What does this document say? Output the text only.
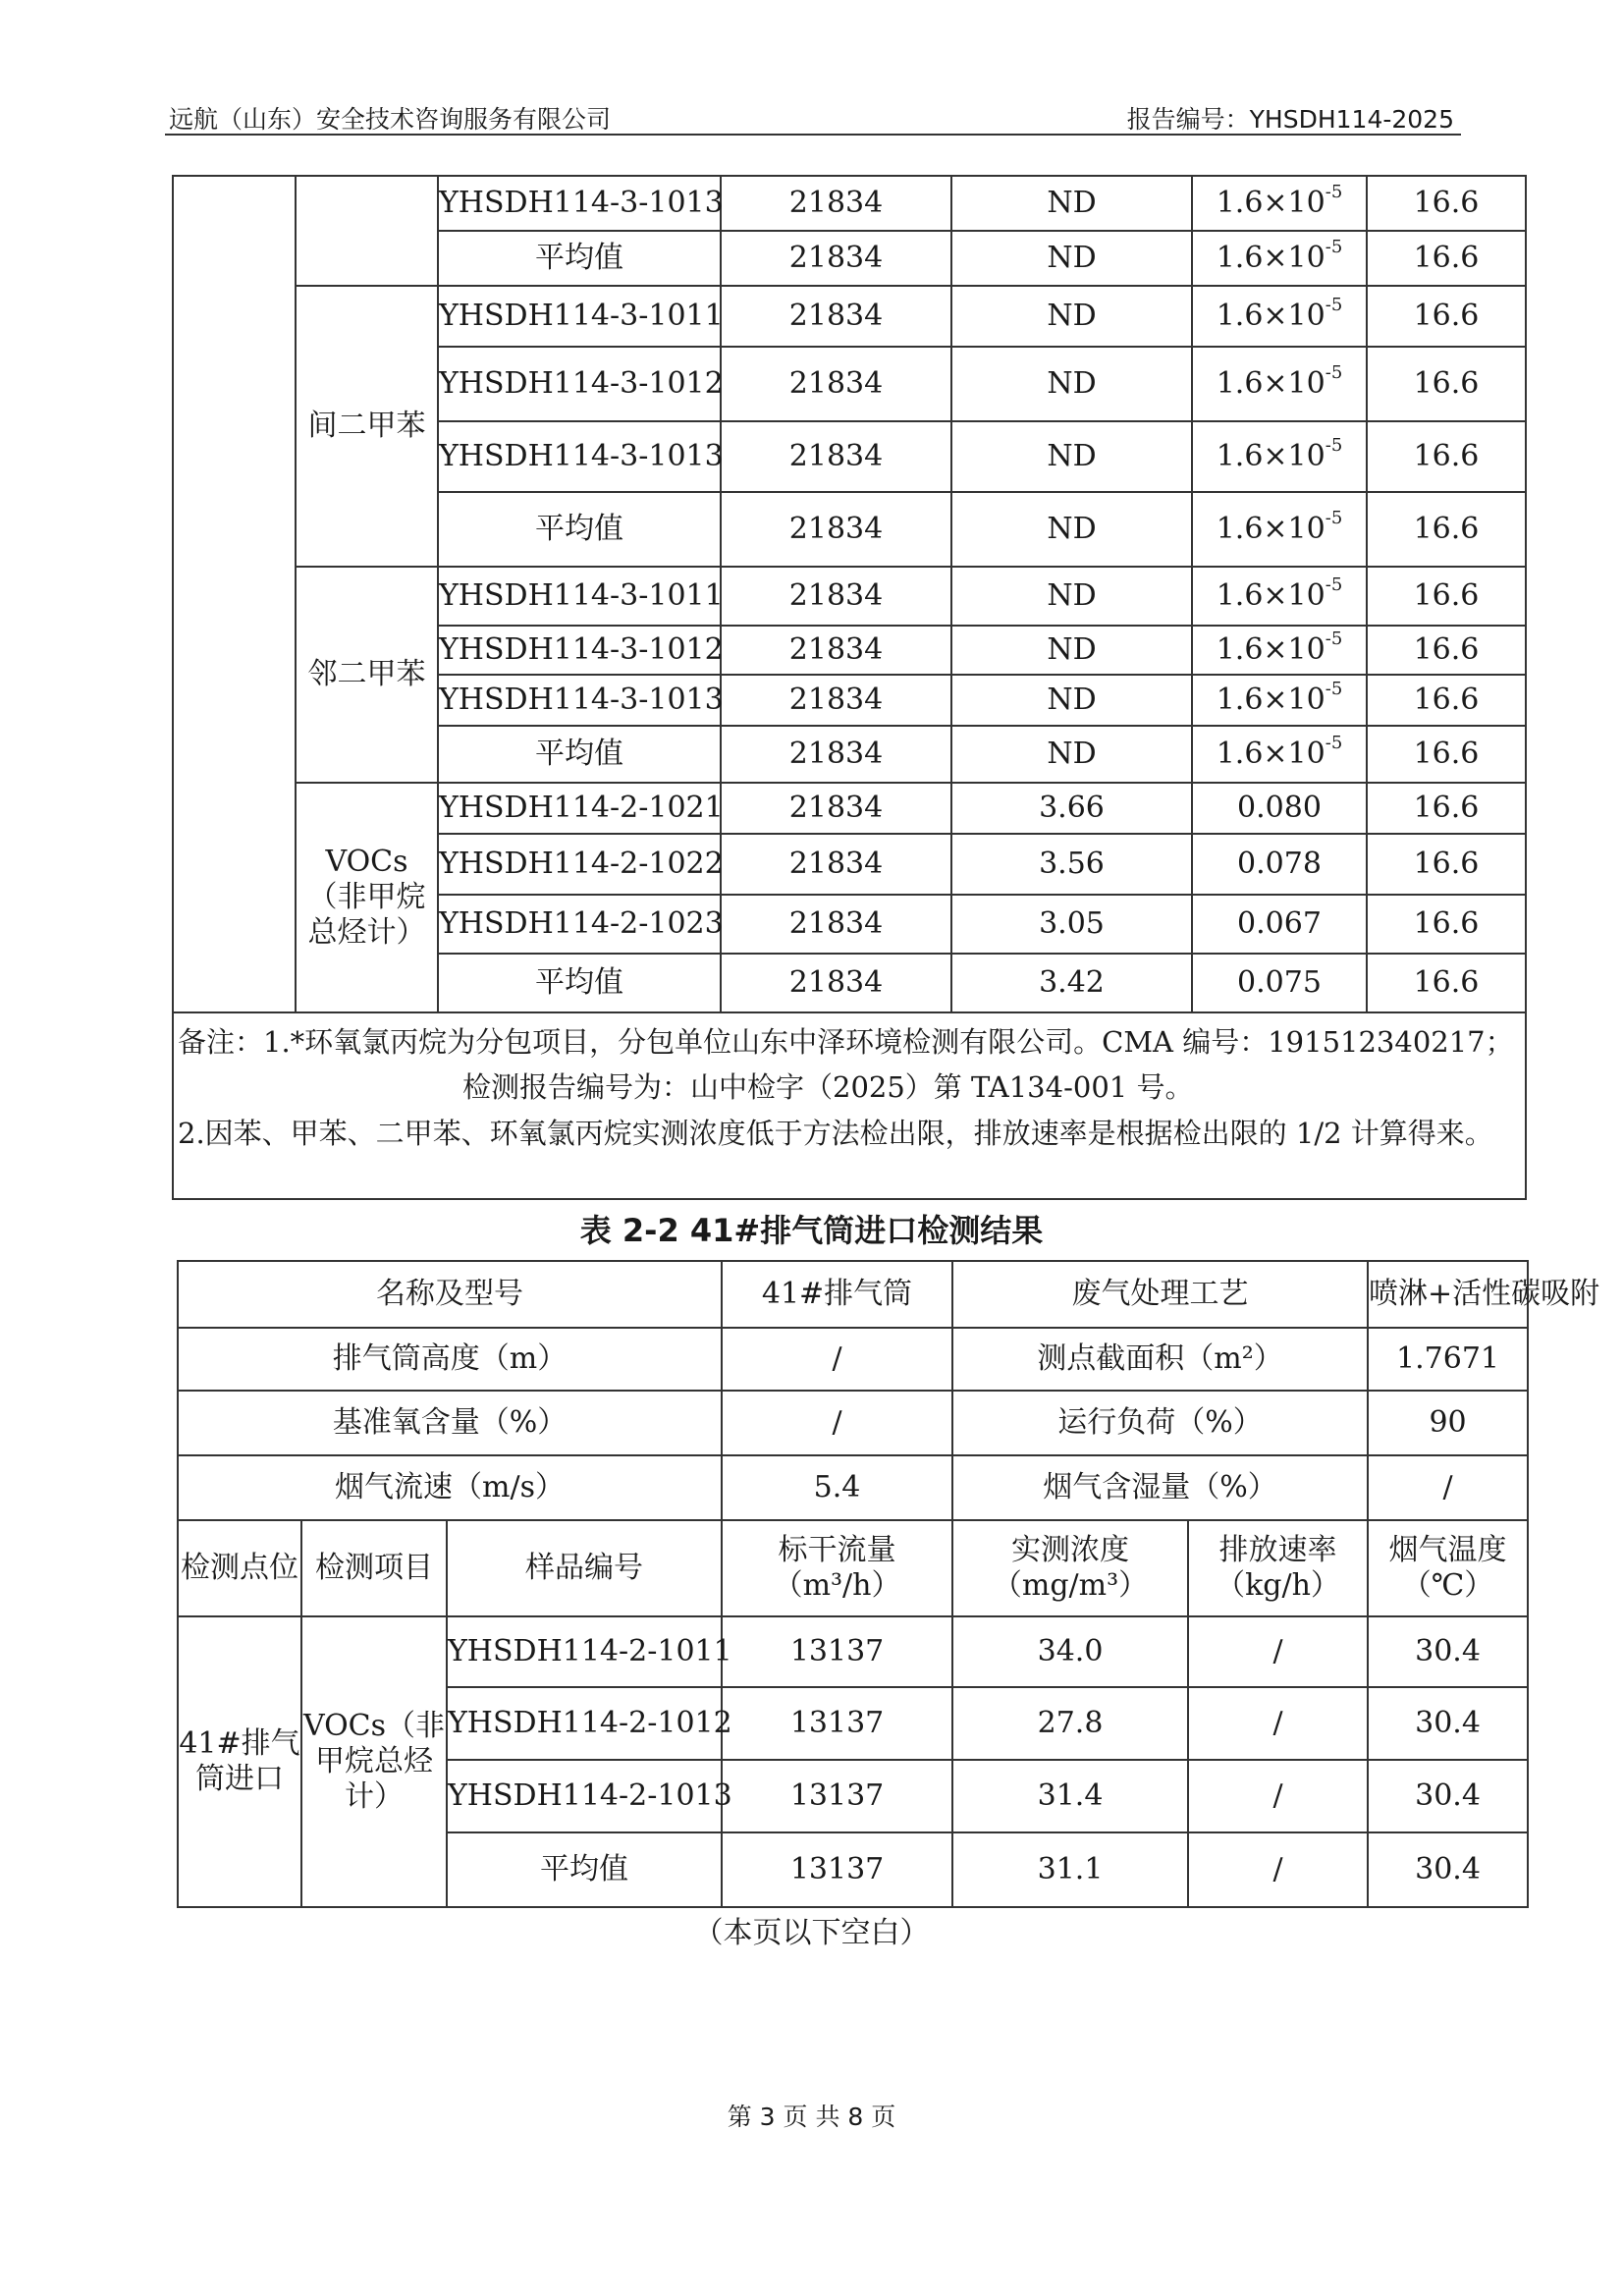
远航（山东）安全技术咨询服务有限公司	报告编号：YHSDH114-2025
		YHSDH114-3-1013	21834	ND	$1.6\times 10^{-5}$	16.6
		平均值	21834	ND	$1.6\times 10^{-5}$	16.6
	间二甲苯	YHSDH114-3-1011	21834	ND	$1.6\times 10^{-5}$	16.6
		YHSDH114-3-1012	21834	ND	$1.6\times 10^{-5}$	16.6
		YHSDH114-3-1013	21834	ND	$1.6\times 10^{-5}$	16.6
		平均值	21834	ND	$1.6\times 10^{-5}$	16.6
	邻二甲苯	YHSDH114-3-1011	21834	ND	$1.6\times 10^{-5}$	16.6
		YHSDH114-3-1012	21834	ND	$1.6\times 10^{-5}$	16.6
		YHSDH114-3-1013	21834	ND	$1.6\times 10^{-5}$	16.6
		平均值	21834	ND	$1.6\times 10^{-5}$	16.6
	VOCs（非甲烷总烃计）	YHSDH114-2-1021	21834	3.66	0.080	16.6
		YHSDH114-2-1022	21834	3.56	0.078	16.6
		YHSDH114-2-1023	21834	3.05	0.067	16.6
		平均值	21834	3.42	0.075	16.6
备注：1.*环氧氯丙烷为分包项目，分包单位山东中泽环境检测有限公司。CMA 编号：191512340217；
检测报告编号为：山中检字（2025）第 TA134-001 号。
2.因苯、甲苯、二甲苯、环氧氯丙烷实测浓度低于方法检出限，排放速率是根据检出限的 1/2 计算得来。						
表 2-2 41#排气筒进口检测结果
名称及型号			41#排气筒	废气处理工艺		喷淋+活性碳吸附
排气筒高度（m）			/	测点截面积（m²）		1.7671
基准氧含量（%）			/	运行负荷（%）		90
烟气流速（m/s）			5.4	烟气含湿量（%）		/
检测点位	检测项目	样品编号	标干流量（m³/h）	实测浓度（mg/m³）	排放速率（kg/h）	烟气温度（℃）
41#排气筒进口	VOCs（非甲烷总烃计）	YHSDH114-2-1011	13137	34.0	/	30.4
		YHSDH114-2-1012	13137	27.8	/	30.4
		YHSDH114-2-1013	13137	31.4	/	30.4
		平均值	13137	31.1	/	30.4
（本页以下空白）
第 3 页 共 8 页
